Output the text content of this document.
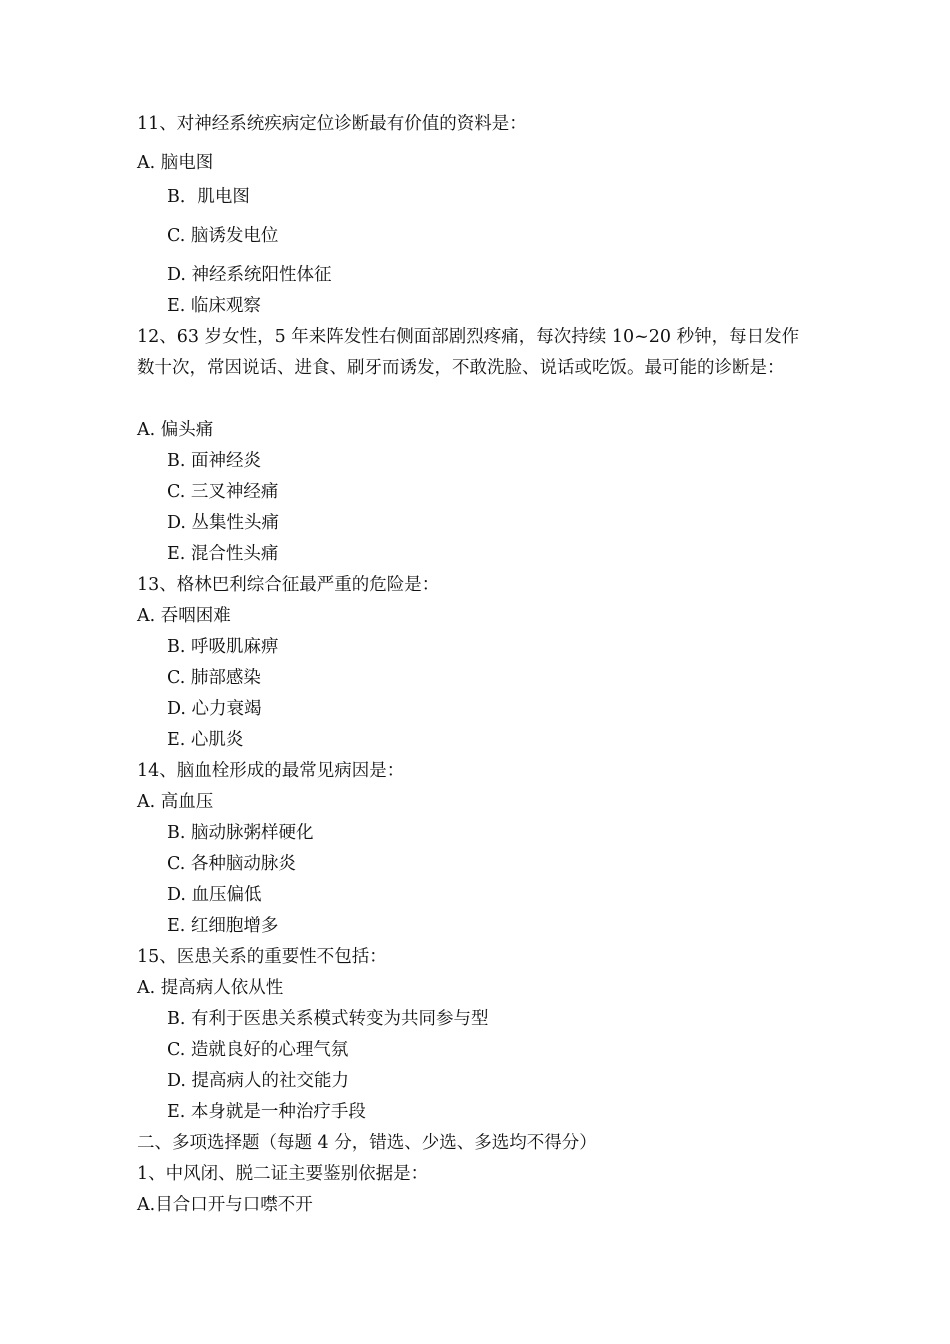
11、对神经系统疾病定位诊断最有价值的资料是：
A. 脑电图
B．肌电图
C. 脑诱发电位
D. 神经系统阳性体征
E. 临床观察
12、63 岁女性，5 年来阵发性右侧面部剧烈疼痛，每次持续 10~20 秒钟，每日发作数十次，常因说话、进食、刷牙而诱发，不敢洗脸、说话或吃饭。最可能的诊断是：
A. 偏头痛
B. 面神经炎
C. 三叉神经痛
D. 丛集性头痛
E. 混合性头痛
13、格林巴利综合征最严重的危险是：
A. 吞咽困难
B. 呼吸肌麻痹
C. 肺部感染
D. 心力衰竭
E. 心肌炎
14、脑血栓形成的最常见病因是：
A. 高血压
B. 脑动脉粥样硬化
C. 各种脑动脉炎
D. 血压偏低
E. 红细胞增多
15、医患关系的重要性不包括：
A. 提高病人依从性
B. 有利于医患关系模式转变为共同参与型
C. 造就良好的心理气氛
D. 提高病人的社交能力
E. 本身就是一种治疗手段
二、多项选择题（每题 4 分，错选、少选、多选均不得分）
1、中风闭、脱二证主要鉴别依据是：
A.目合口开与口噤不开
